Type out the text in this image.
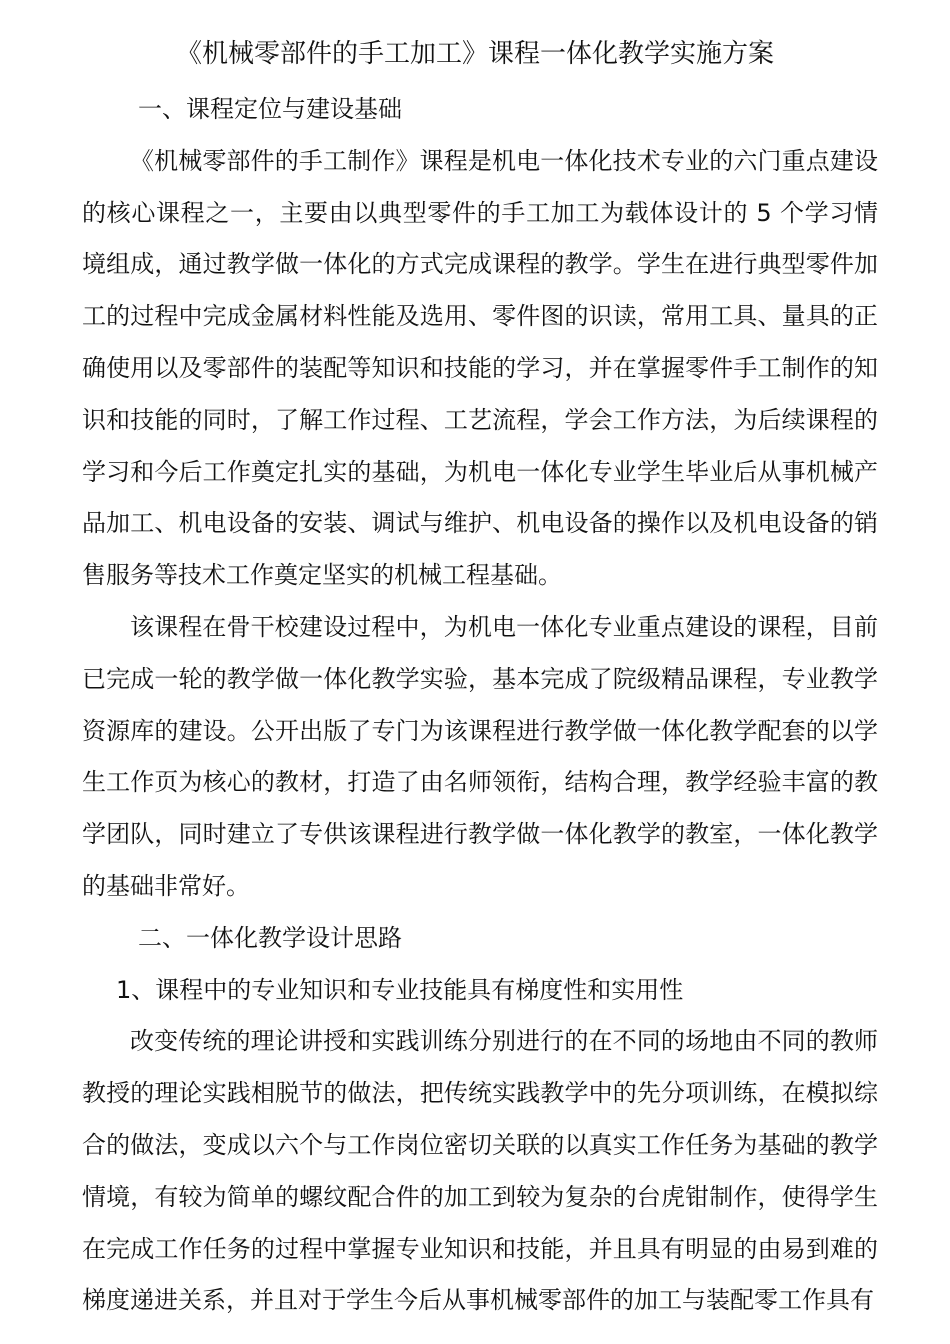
《机械零部件的手工加工》课程一体化教学实施方案

一、课程定位与建设基础

《机械零部件的手工制作》课程是机电一体化技术专业的六门重点建设的核心课程之一，主要由以典型零件的手工加工为载体设计的 5 个学习情境组成，通过教学做一体化的方式完成课程的教学。学生在进行典型零件加工的过程中完成金属材料性能及选用、零件图的识读，常用工具、量具的正确使用以及零部件的装配等知识和技能的学习，并在掌握零件手工制作的知识和技能的同时，了解工作过程、工艺流程，学会工作方法，为后续课程的学习和今后工作奠定扎实的基础，为机电一体化专业学生毕业后从事机械产品加工、机电设备的安装、调试与维护、机电设备的操作以及机电设备的销售服务等技术工作奠定坚实的机械工程基础。

该课程在骨干校建设过程中，为机电一体化专业重点建设的课程，目前已完成一轮的教学做一体化教学实验，基本完成了院级精品课程，专业教学资源库的建设。公开出版了专门为该课程进行教学做一体化教学配套的以学生工作页为核心的教材，打造了由名师领衔，结构合理，教学经验丰富的教学团队，同时建立了专供该课程进行教学做一体化教学的教室，一体化教学的基础非常好。

二、一体化教学设计思路

1、课程中的专业知识和专业技能具有梯度性和实用性

改变传统的理论讲授和实践训练分别进行的在不同的场地由不同的教师教授的理论实践相脱节的做法，把传统实践教学中的先分项训练，在模拟综合的做法，变成以六个与工作岗位密切关联的以真实工作任务为基础的教学情境，有较为简单的螺纹配合件的加工到较为复杂的台虎钳制作，使得学生在完成工作任务的过程中掌握专业知识和技能，并且具有明显的由易到难的梯度递进关系，并且对于学生今后从事机械零部件的加工与装配零工作具有
